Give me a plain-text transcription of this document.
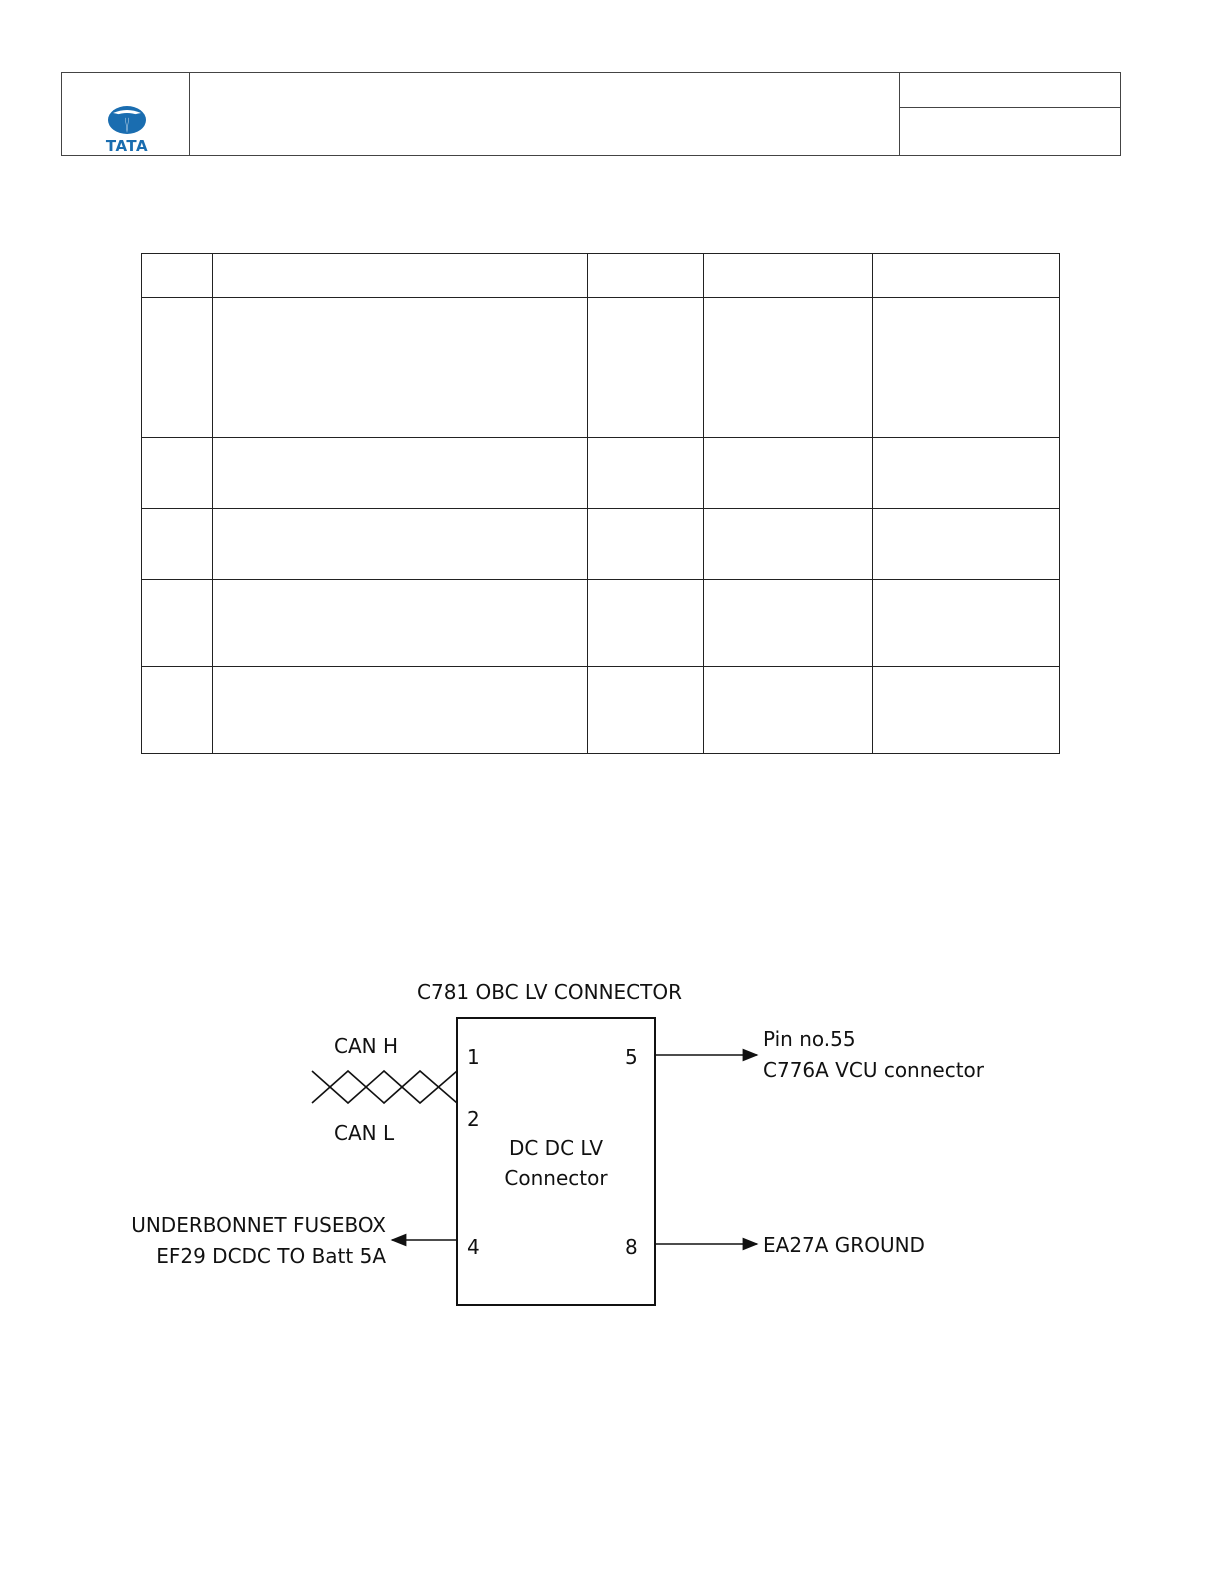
TATA

C781 OBC LV CONNECTOR
DC DC LV
Connector
1
2
4
5
8
CAN H
CAN L
Pin no.55
C776A VCU connector
EA27A GROUND
UNDERBONNET FUSEBOX
EF29 DCDC TO Batt 5A
